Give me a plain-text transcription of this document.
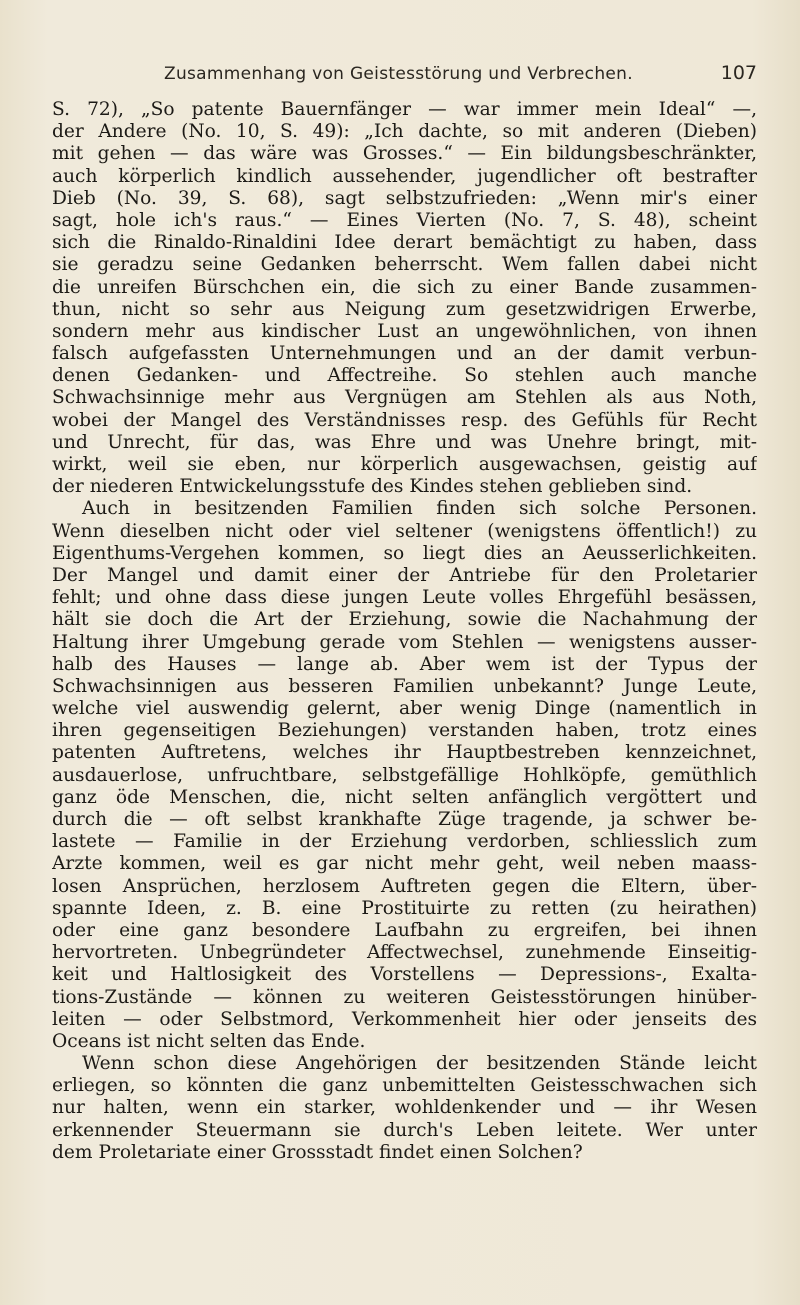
Zusammenhang von Geistesstörung und Verbrechen.	107
S. 72), „So patente Bauernfänger — war immer mein Ideal“ —,
der Andere (No. 10, S. 49): „Ich dachte, so mit anderen (Dieben)
mit gehen — das wäre was Grosses.“ — Ein bildungsbeschränkter,
auch körperlich kindlich aussehender, jugendlicher oft bestrafter
Dieb (No. 39, S. 68), sagt selbstzufrieden: „Wenn mir's einer
sagt, hole ich's raus.“ — Eines Vierten (No. 7, S. 48), scheint
sich die Rinaldo-Rinaldini Idee derart bemächtigt zu haben, dass
sie geradzu seine Gedanken beherrscht. Wem fallen dabei nicht
die unreifen Bürschchen ein, die sich zu einer Bande zusammen-
thun, nicht so sehr aus Neigung zum gesetzwidrigen Erwerbe,
sondern mehr aus kindischer Lust an ungewöhnlichen, von ihnen
falsch aufgefassten Unternehmungen und an der damit verbun-
denen Gedanken- und Affectreihe. So stehlen auch manche
Schwachsinnige mehr aus Vergnügen am Stehlen als aus Noth,
wobei der Mangel des Verständnisses resp. des Gefühls für Recht
und Unrecht, für das, was Ehre und was Unehre bringt, mit-
wirkt, weil sie eben, nur körperlich ausgewachsen, geistig auf
der niederen Entwickelungsstufe des Kindes stehen geblieben sind.
Auch in besitzenden Familien finden sich solche Personen.
Wenn dieselben nicht oder viel seltener (wenigstens öffentlich!) zu
Eigenthums-Vergehen kommen, so liegt dies an Aeusserlichkeiten.
Der Mangel und damit einer der Antriebe für den Proletarier
fehlt; und ohne dass diese jungen Leute volles Ehrgefühl besässen,
hält sie doch die Art der Erziehung, sowie die Nachahmung der
Haltung ihrer Umgebung gerade vom Stehlen — wenigstens ausser-
halb des Hauses — lange ab. Aber wem ist der Typus der
Schwachsinnigen aus besseren Familien unbekannt? Junge Leute,
welche viel auswendig gelernt, aber wenig Dinge (namentlich in
ihren gegenseitigen Beziehungen) verstanden haben, trotz eines
patenten Auftretens, welches ihr Hauptbestreben kennzeichnet,
ausdauerlose, unfruchtbare, selbstgefällige Hohlköpfe, gemüthlich
ganz öde Menschen, die, nicht selten anfänglich vergöttert und
durch die — oft selbst krankhafte Züge tragende, ja schwer be-
lastete — Familie in der Erziehung verdorben, schliesslich zum
Arzte kommen, weil es gar nicht mehr geht, weil neben maass-
losen Ansprüchen, herzlosem Auftreten gegen die Eltern, über-
spannte Ideen, z. B. eine Prostituirte zu retten (zu heirathen)
oder eine ganz besondere Laufbahn zu ergreifen, bei ihnen
hervortreten. Unbegründeter Affectwechsel, zunehmende Einseitig-
keit und Haltlosigkeit des Vorstellens — Depressions-, Exalta-
tions-Zustände — können zu weiteren Geistesstörungen hinüber-
leiten — oder Selbstmord, Verkommenheit hier oder jenseits des
Oceans ist nicht selten das Ende.
Wenn schon diese Angehörigen der besitzenden Stände leicht
erliegen, so könnten die ganz unbemittelten Geistesschwachen sich
nur halten, wenn ein starker, wohldenkender und — ihr Wesen
erkennender Steuermann sie durch's Leben leitete. Wer unter
dem Proletariate einer Grossstadt findet einen Solchen?
